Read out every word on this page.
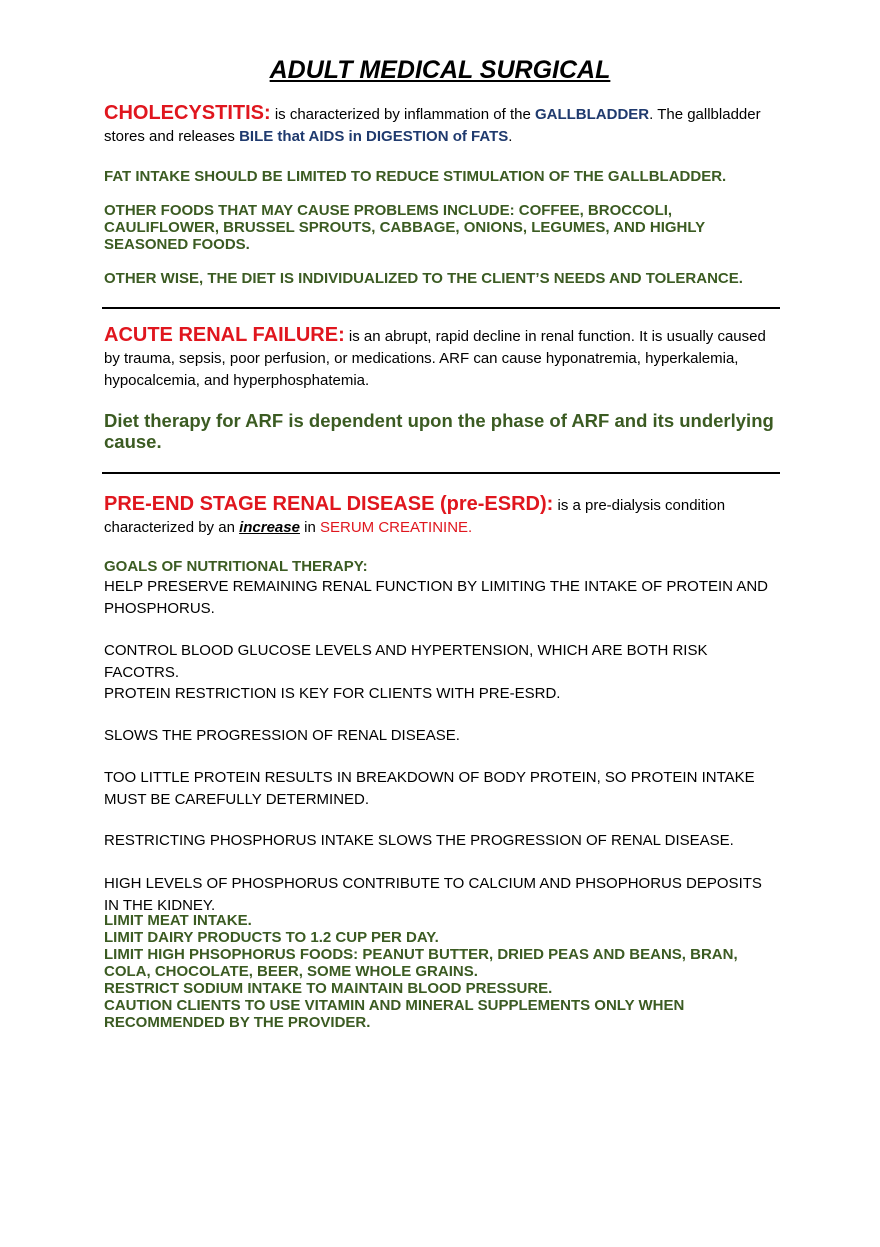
ADULT MEDICAL SURGICAL

CHOLECYSTITIS: is characterized by inflammation of the GALLBLADDER. The gallbladder stores and releases BILE that AIDS in DIGESTION of FATS.

FAT INTAKE SHOULD BE LIMITED TO REDUCE STIMULATION OF THE GALLBLADDER.

OTHER FOODS THAT MAY CAUSE PROBLEMS INCLUDE: COFFEE, BROCCOLI, CAULIFLOWER, BRUSSEL SPROUTS, CABBAGE, ONIONS, LEGUMES, AND HIGHLY SEASONED FOODS.

OTHER WISE, THE DIET IS INDIVIDUALIZED TO THE CLIENT’S NEEDS AND TOLERANCE.

ACUTE RENAL FAILURE: is an abrupt, rapid decline in renal function. It is usually caused by trauma, sepsis, poor perfusion, or medications. ARF can cause hyponatremia, hyperkalemia, hypocalcemia, and hyperphosphatemia.

Diet therapy for ARF is dependent upon the phase of ARF and its underlying cause.

PRE-END STAGE RENAL DISEASE (pre-ESRD): is a pre-dialysis condition characterized by an increase in SERUM CREATININE.

GOALS OF NUTRITIONAL THERAPY:

HELP PRESERVE REMAINING RENAL FUNCTION BY LIMITING THE INTAKE OF PROTEIN AND PHOSPHORUS.

CONTROL BLOOD GLUCOSE LEVELS AND HYPERTENSION, WHICH ARE BOTH RISK FACOTRS.

PROTEIN RESTRICTION IS KEY FOR CLIENTS WITH PRE-ESRD.

SLOWS THE PROGRESSION OF RENAL DISEASE.

TOO LITTLE PROTEIN RESULTS IN BREAKDOWN OF BODY PROTEIN, SO PROTEIN INTAKE MUST BE CAREFULLY DETERMINED.

RESTRICTING PHOSPHORUS INTAKE SLOWS THE PROGRESSION OF RENAL DISEASE.

HIGH LEVELS OF PHOSPHORUS CONTRIBUTE TO CALCIUM AND PHSOPHORUS DEPOSITS IN THE KIDNEY.

LIMIT MEAT INTAKE.

LIMIT DAIRY PRODUCTS TO 1.2 CUP PER DAY.

LIMIT HIGH PHSOPHORUS FOODS: PEANUT BUTTER, DRIED PEAS AND BEANS, BRAN, COLA, CHOCOLATE, BEER, SOME WHOLE GRAINS.

RESTRICT SODIUM INTAKE TO MAINTAIN BLOOD PRESSURE.

CAUTION CLIENTS TO USE VITAMIN AND MINERAL SUPPLEMENTS ONLY WHEN RECOMMENDED BY THE PROVIDER.
